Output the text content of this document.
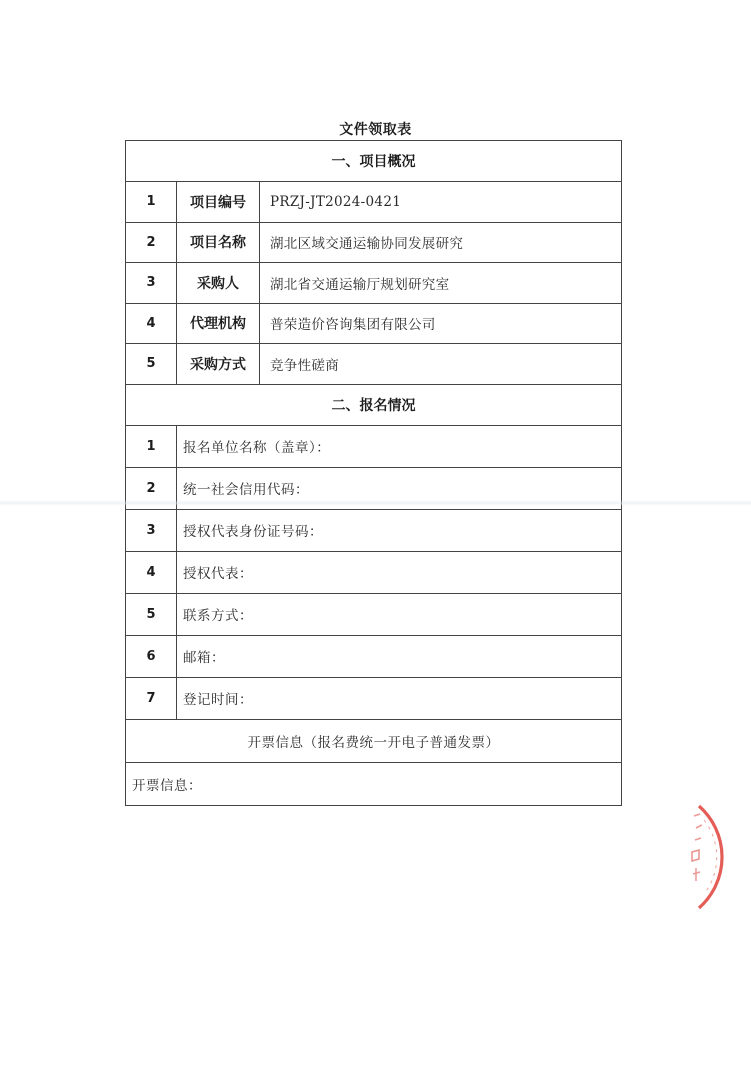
文件领取表
一、项目概况		
1	项目编号	PRZJ-JT2024-0421
2	项目名称	湖北区域交通运输协同发展研究
3	采购人	湖北省交通运输厅规划研究室
4	代理机构	普荣造价咨询集团有限公司
5	采购方式	竞争性磋商
二、报名情况		
1	报名单位名称（盖章）：	
2	统一社会信用代码：	
3	授权代表身份证号码：	
4	授权代表：	
5	联系方式：	
6	邮箱：	
7	登记时间：	
开票信息（报名费统一开电子普通发票）		
开票信息：		
